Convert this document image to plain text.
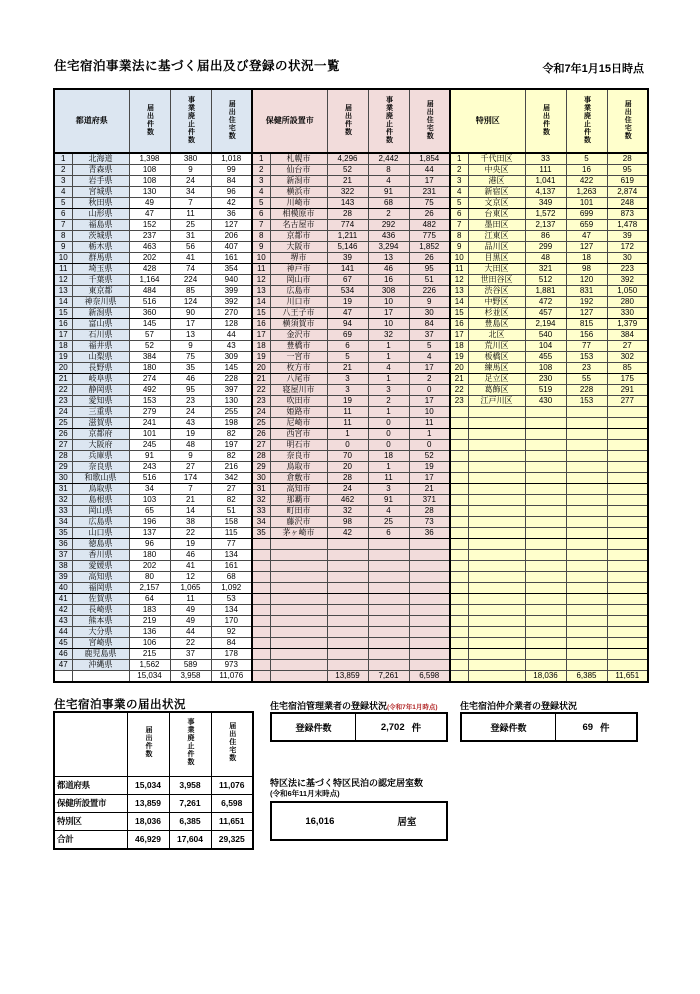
住宅宿泊事業法に基づく届出及び登録の状況一覧	令和7年1月15日時点
都道府県		届出件数	事業廃止件数	届出住宅数	保健所設置市		届出件数	事業廃止件数	届出住宅数	特別区		届出件数	事業廃止件数	届出住宅数
1	北海道	1,398	380	1,018	1	札幌市	4,296	2,442	1,854	1	千代田区	33	5	28
2	青森県	108	9	99	2	仙台市	52	8	44	2	中央区	111	16	95
3	岩手県	108	24	84	3	新潟市	21	4	17	3	港区	1,041	422	619
4	宮城県	130	34	96	4	横浜市	322	91	231	4	新宿区	4,137	1,263	2,874
5	秋田県	49	7	42	5	川崎市	143	68	75	5	文京区	349	101	248
6	山形県	47	11	36	6	相模原市	28	2	26	6	台東区	1,572	699	873
7	福島県	152	25	127	7	名古屋市	774	292	482	7	墨田区	2,137	659	1,478
8	茨城県	237	31	206	8	京都市	1,211	436	775	8	江東区	86	47	39
9	栃木県	463	56	407	9	大阪市	5,146	3,294	1,852	9	品川区	299	127	172
10	群馬県	202	41	161	10	堺市	39	13	26	10	目黒区	48	18	30
11	埼玉県	428	74	354	11	神戸市	141	46	95	11	大田区	321	98	223
12	千葉県	1,164	224	940	12	岡山市	67	16	51	12	世田谷区	512	120	392
13	東京都	484	85	399	13	広島市	534	308	226	13	渋谷区	1,881	831	1,050
14	神奈川県	516	124	392	14	川口市	19	10	9	14	中野区	472	192	280
15	新潟県	360	90	270	15	八王子市	47	17	30	15	杉並区	457	127	330
16	富山県	145	17	128	16	横須賀市	94	10	84	16	豊島区	2,194	815	1,379
17	石川県	57	13	44	17	金沢市	69	32	37	17	北区	540	156	384
18	福井県	52	9	43	18	豊橋市	6	1	5	18	荒川区	104	77	27
19	山梨県	384	75	309	19	一宮市	5	1	4	19	板橋区	455	153	302
20	長野県	180	35	145	20	枚方市	21	4	17	20	練馬区	108	23	85
21	岐阜県	274	46	228	21	八尾市	3	1	2	21	足立区	230	55	175
22	静岡県	492	95	397	22	寝屋川市	3	3	0	22	葛飾区	519	228	291
23	愛知県	153	23	130	23	吹田市	19	2	17	23	江戸川区	430	153	277
24	三重県	279	24	255	24	姫路市	11	1	10					
25	滋賀県	241	43	198	25	尼崎市	11	0	11					
26	京都府	101	19	82	26	西宮市	1	0	1					
27	大阪府	245	48	197	27	明石市	0	0	0					
28	兵庫県	91	9	82	28	奈良市	70	18	52					
29	奈良県	243	27	216	29	鳥取市	20	1	19					
30	和歌山県	516	174	342	30	倉敷市	28	11	17					
31	鳥取県	34	7	27	31	高知市	24	3	21					
32	島根県	103	21	82	32	那覇市	462	91	371					
33	岡山県	65	14	51	33	町田市	32	4	28					
34	広島県	196	38	158	34	藤沢市	98	25	73					
35	山口県	137	22	115	35	茅ヶ崎市	42	6	36					
36	徳島県	96	19	77										
37	香川県	180	46	134										
38	愛媛県	202	41	161										
39	高知県	80	12	68										
40	福岡県	2,157	1,065	1,092										
41	佐賀県	64	11	53										
42	長崎県	183	49	134										
43	熊本県	219	49	170										
44	大分県	136	44	92										
45	宮崎県	106	22	84										
46	鹿児島県	215	37	178										
47	沖縄県	1,562	589	973										
		15,034	3,958	11,076			13,859	7,261	6,598			18,036	6,385	11,651
住宅宿泊事業の届出状況
	届出件数	事業廃止件数	届出住宅数
都道府県	15,034	3,958	11,076
保健所設置市	13,859	7,261	6,598
特別区	18,036	6,385	11,651
合計	46,929	17,604	29,325
住宅宿泊管理業者の登録状況(令和7年1月時点)
登録件数	2,702 件
住宅宿泊仲介業者の登録状況
登録件数	69 件
特区法に基づく特区民泊の認定居室数
(令和6年11月末時点)
16,016	居室
